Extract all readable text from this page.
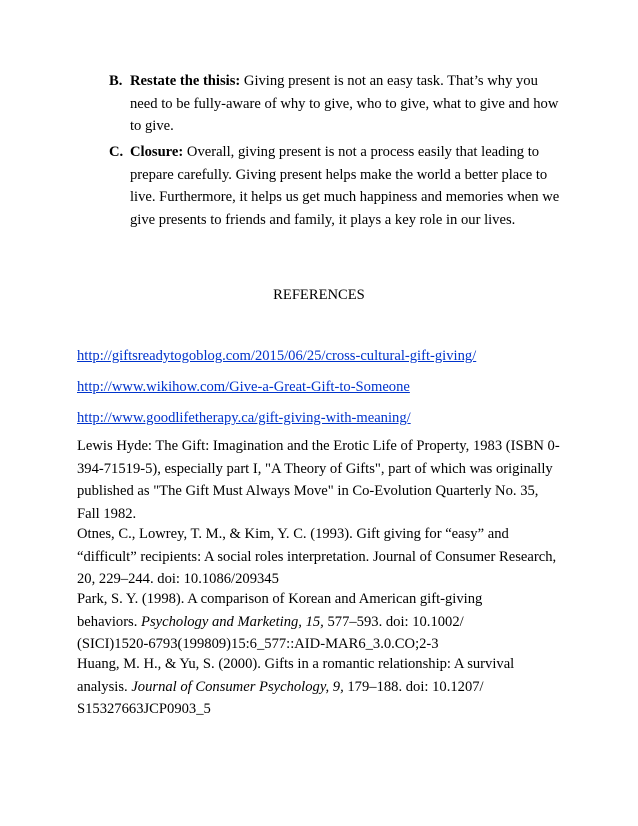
B. Restate the thisis: Giving present is not an easy task. That’s why you
need to be fully-aware of why to give, who to give, what to give and how
to give.
C. Closure: Overall, giving present is not a process easily that leading to
prepare carefully. Giving present helps make the world a better place to
live. Furthermore, it helps us get much happiness and memories when we
give presents to friends and family, it plays a key role in our lives.
REFERENCES
http://giftsreadytogoblog.com/2015/06/25/cross-cultural-gift-giving/
http://www.wikihow.com/Give-a-Great-Gift-to-Someone
http://www.goodlifetherapy.ca/gift-giving-with-meaning/
Lewis Hyde: The Gift: Imagination and the Erotic Life of Property, 1983 (ISBN 0-
394-71519-5), especially part I, "A Theory of Gifts", part of which was originally
published as "The Gift Must Always Move" in Co-Evolution Quarterly No. 35,
Fall 1982.
Otnes, C., Lowrey, T. M., & Kim, Y. C. (1993). Gift giving for “easy” and
“difficult” recipients: A social roles interpretation. Journal of Consumer Research,
20, 229–244. doi: 10.1086/209345
Park, S. Y. (1998). A comparison of Korean and American gift-giving
behaviors. Psychology and Marketing, 15, 577–593. doi: 10.1002/
(SICI)1520-6793(199809)15:6_577::AID-MAR6_3.0.CO;2-3
Huang, M. H., & Yu, S. (2000). Gifts in a romantic relationship: A survival
analysis. Journal of Consumer Psychology, 9, 179–188. doi: 10.1207/
S15327663JCP0903_5
